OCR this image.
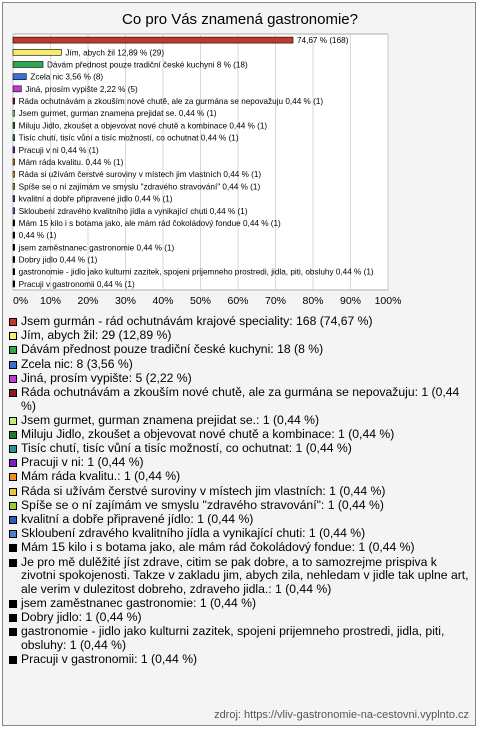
Co pro Vás znamená gastronomie?
0% 10% 20% 30% 40% 50% 60% 70% 80% 90% 100%
74,67 % (168)
Jím, abych žil 12,89 % (29)
Dávám přednost pouze tradiční české kuchyni 8 % (18)
Zcela nic 3,56 % (8)
Jiná, prosím vypište 2,22 % (5)
Ráda ochutnávám a zkouším nové chutě, ale za gurmána se nepovažuju 0,44 % (1)
Jsem gurmet, gurman znamena prejidat se. 0,44 % (1)
Miluju Jidlo, zkoušet a objevovat nové chutě a kombinace 0,44 % (1)
Tisíc chutí, tisíc vůní a tisíc možností, co ochutnat 0,44 % (1)
Pracuji v ni 0,44 % (1)
Mám ráda kvalitu. 0,44 % (1)
Ráda si užívám čerstvé suroviny v místech jim vlastních 0,44 % (1)
Spíše se o ní zajímám ve smyslu "zdravého stravování" 0,44 % (1)
kvalitní a dobře připravené jídlo 0,44 % (1)
Skloubení zdravého kvalitního jídla a vynikající chuti 0,44 % (1)
Mám 15 kilo i s botama jako, ale mám rád čokoládový fondue 0,44 % (1)
0,44 % (1)
jsem zaměstnanec gastronomie 0,44 % (1)
Dobry jidlo 0,44 % (1)
gastronomie - jidlo jako kulturni zazitek, spojeni prijemneho prostredi, jidla, piti, obsluhy 0,44 % (1)
Pracuji v gastronomii 0,44 % (1)
Jsem gurmán - rád ochutnávám krajové speciality: 168 (74,67 %)
Jím, abych žil: 29 (12,89 %)
Dávám přednost pouze tradiční české kuchyni: 18 (8 %)
Zcela nic: 8 (3,56 %)
Jiná, prosím vypište: 5 (2,22 %)
Ráda ochutnávám a zkouším nové chutě, ale za gurmána se nepovažuju: 1 (0,44 %)
Jsem gurmet, gurman znamena prejidat se.: 1 (0,44 %)
Miluju Jidlo, zkoušet a objevovat nové chutě a kombinace: 1 (0,44 %)
Tisíc chutí, tisíc vůní a tisíc možností, co ochutnat: 1 (0,44 %)
Pracuji v ni: 1 (0,44 %)
Mám ráda kvalitu.: 1 (0,44 %)
Ráda si užívám čerstvé suroviny v místech jim vlastních: 1 (0,44 %)
Spíše se o ní zajímám ve smyslu "zdravého stravování": 1 (0,44 %)
kvalitní a dobře připravené jídlo: 1 (0,44 %)
Skloubení zdravého kvalitního jídla a vynikající chuti: 1 (0,44 %)
Mám 15 kilo i s botama jako, ale mám rád čokoládový fondue: 1 (0,44 %)
Je pro mě dulěžité jíst zdrave, citim se pak dobre, a to samozrejme prispiva k zivotni spokojenosti. Takze v zakladu jim, abych zila, nehledam v jidle tak uplne art, ale verim v dulezitost dobreho, zdraveho jidla.: 1 (0,44 %)
jsem zaměstnanec gastronomie: 1 (0,44 %)
Dobry jidlo: 1 (0,44 %)
gastronomie - jidlo jako kulturni zazitek, spojeni prijemneho prostredi, jidla, piti, obsluhy: 1 (0,44 %)
Pracuji v gastronomii: 1 (0,44 %)
zdroj: https://vliv-gastronomie-na-cestovni.vyplnto.cz
